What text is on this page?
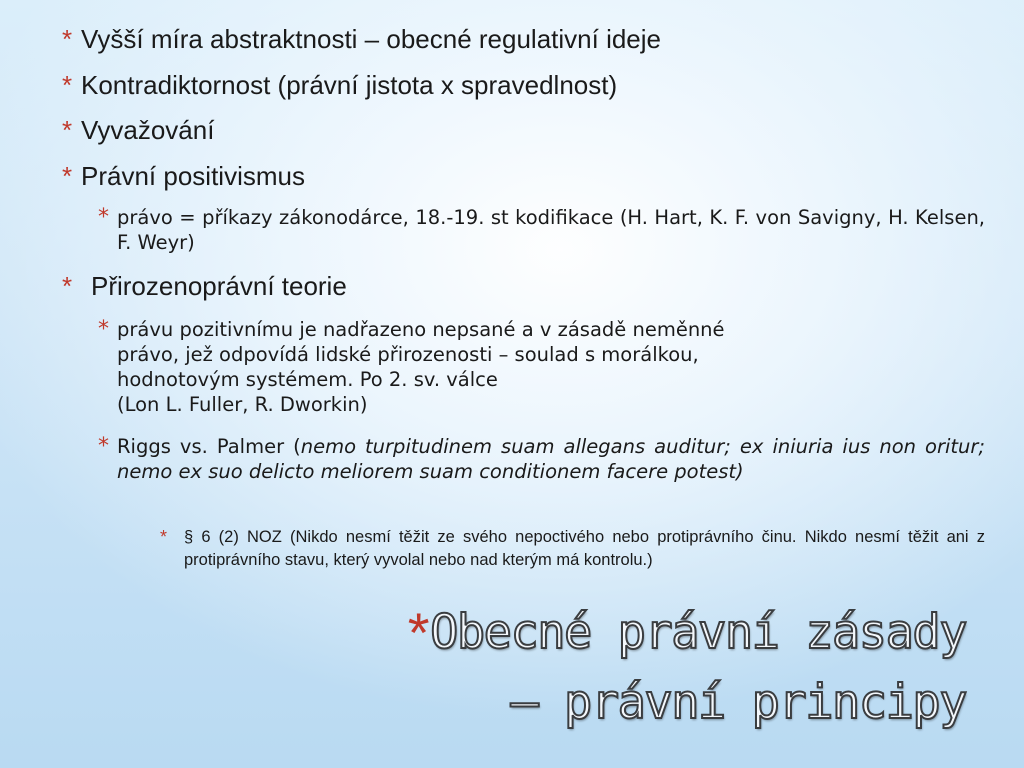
* Vyšší míra abstraktnosti – obecné regulativní ideje
* Kontradiktornost (právní jistota x spravedlnost)
* Vyvažování
* Právní positivismus
* právo = příkazy zákonodárce, 18.-19. st kodifikace (H. Hart, K. F. von Savigny, H. Kelsen, F. Weyr)
* Přirozenoprávní teorie
* právu pozitivnímu je nadřazeno nepsané a v zásadě neměnné
právo, jež odpovídá lidské přirozenosti – soulad s morálkou,
hodnotovým systémem. Po 2. sv. válce
(Lon L. Fuller, R. Dworkin)
* Riggs vs. Palmer (nemo turpitudinem suam allegans auditur; ex iniuria ius non oritur; nemo ex suo delicto meliorem suam conditionem facere potest)
*	§ 6 (2) NOZ (Nikdo nesmí těžit ze svého nepoctivého nebo protiprávního činu. Nikdo nesmí těžit ani z protiprávního stavu, který vyvolal nebo nad kterým má kontrolu.)
*Obecné právní zásady
– právní principy
